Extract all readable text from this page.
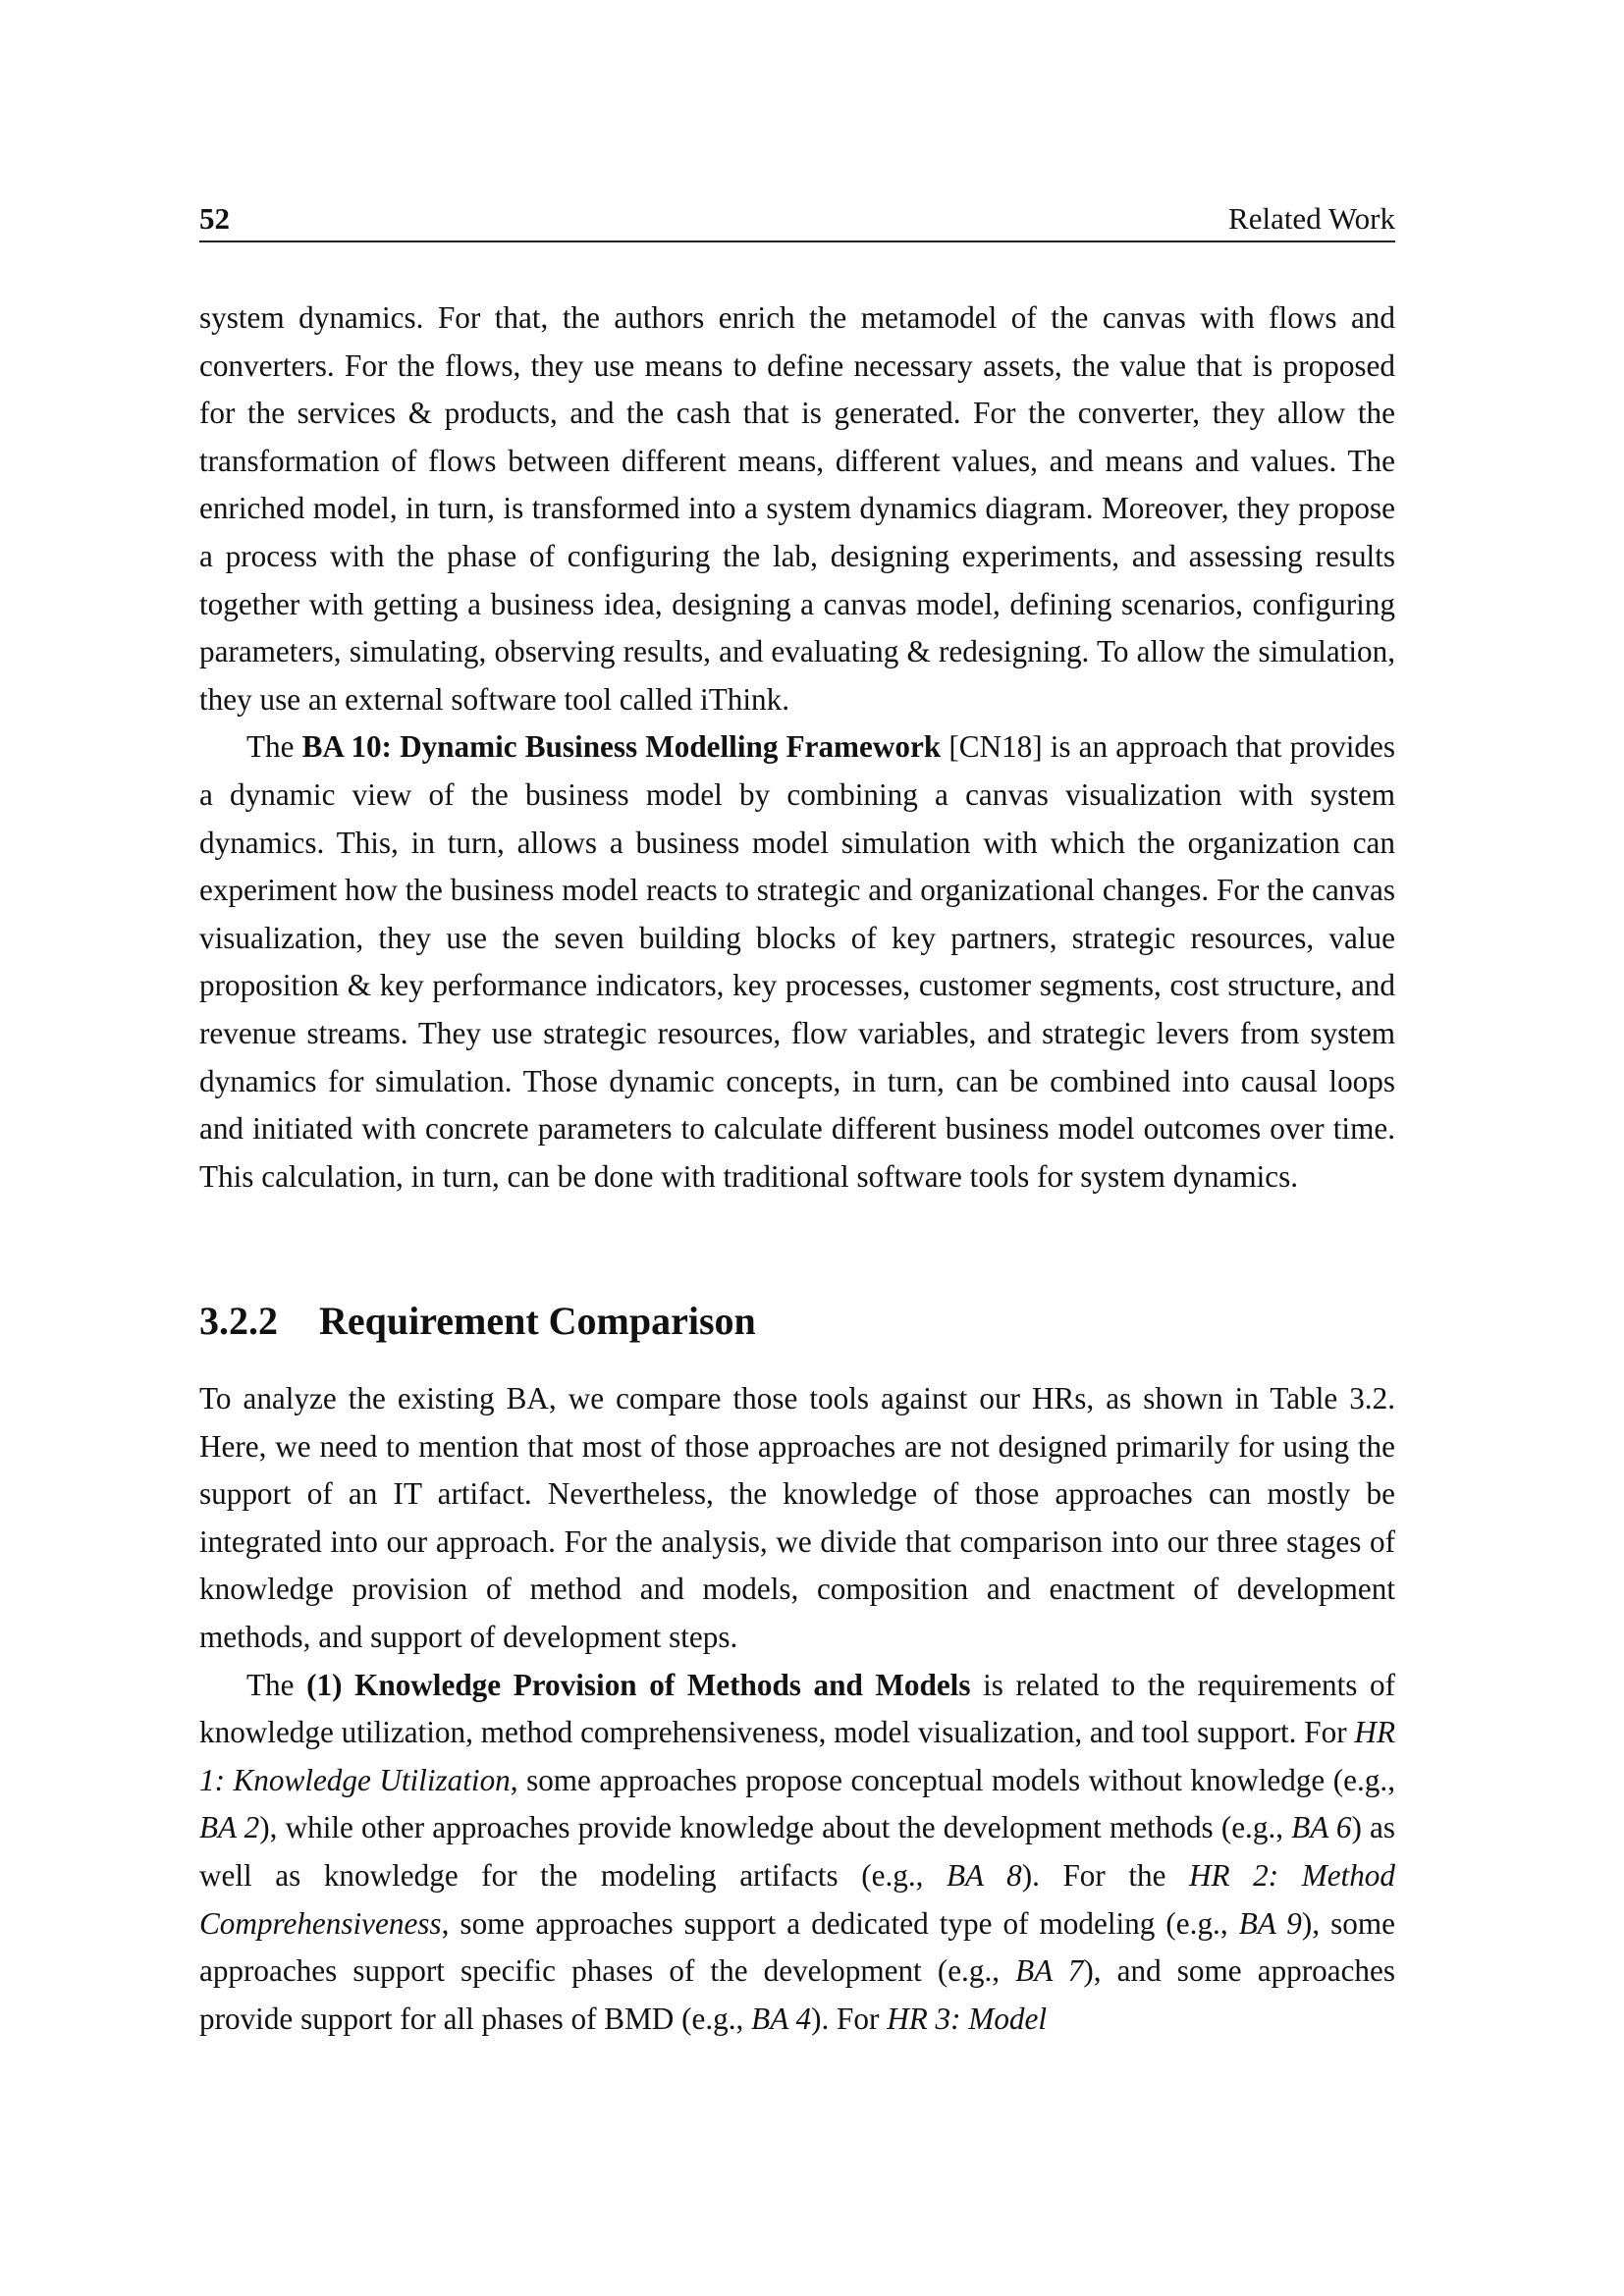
52	Related Work

system dynamics. For that, the authors enrich the metamodel of the canvas with flows and converters. For the flows, they use means to define necessary assets, the value that is proposed for the services & products, and the cash that is generated. For the converter, they allow the transformation of flows between different means, different values, and means and values. The enriched model, in turn, is transformed into a system dynamics diagram. Moreover, they propose a process with the phase of configuring the lab, designing experiments, and assessing results together with getting a business idea, designing a canvas model, defining scenarios, configuring parameters, simulating, observing results, and evaluating & redesigning. To allow the simulation, they use an external software tool called iThink.

The BA 10: Dynamic Business Modelling Framework [CN18] is an approach that provides a dynamic view of the business model by combining a canvas visualization with system dynamics. This, in turn, allows a business model simulation with which the organization can experiment how the business model reacts to strategic and organizational changes. For the canvas visualization, they use the seven building blocks of key partners, strategic resources, value proposition & key performance indicators, key processes, customer segments, cost structure, and revenue streams. They use strategic resources, flow variables, and strategic levers from system dynamics for simulation. Those dynamic concepts, in turn, can be combined into causal loops and initiated with concrete parameters to calculate different business model outcomes over time. This calculation, in turn, can be done with traditional software tools for system dynamics.

3.2.2 Requirement Comparison

To analyze the existing BA, we compare those tools against our HRs, as shown in Table 3.2. Here, we need to mention that most of those approaches are not designed primarily for using the support of an IT artifact. Nevertheless, the knowledge of those approaches can mostly be integrated into our approach. For the analysis, we divide that comparison into our three stages of knowledge provision of method and models, composition and enactment of development methods, and support of development steps.

The (1) Knowledge Provision of Methods and Models is related to the requirements of knowledge utilization, method comprehensiveness, model visualization, and tool support. For HR 1: Knowledge Utilization, some approaches propose conceptual models without knowledge (e.g., BA 2), while other approaches provide knowledge about the development methods (e.g., BA 6) as well as knowledge for the modeling artifacts (e.g., BA 8). For the HR 2: Method Comprehensiveness, some approaches support a dedicated type of modeling (e.g., BA 9), some approaches support specific phases of the development (e.g., BA 7), and some approaches provide support for all phases of BMD (e.g., BA 4). For HR 3: Model
